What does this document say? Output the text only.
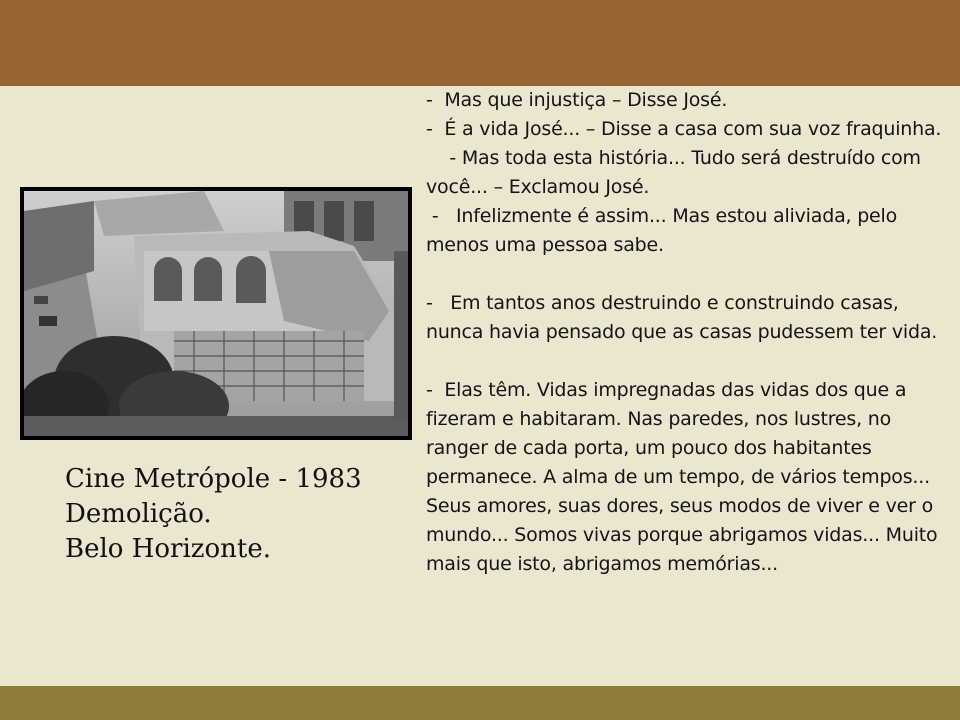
Cine Metrópole - 1983
Demolição.
Belo Horizonte.

- Mas que injustiça – Disse José.

- É a vida José... – Disse a casa com sua voz fraquinha.

- Mas toda esta história... Tudo será destruído com você... – Exclamou José.

- Infelizmente é assim... Mas estou aliviada, pelo menos uma pessoa sabe.

- Em tantos anos destruindo e construindo casas, nunca havia pensado que as casas pudessem ter vida.

- Elas têm. Vidas impregnadas das vidas dos que a fizeram e habitaram. Nas paredes, nos lustres, no ranger de cada porta, um pouco dos habitantes permanece. A alma de um tempo, de vários tempos... Seus amores, suas dores, seus modos de viver e ver o mundo... Somos vivas porque abrigamos vidas... Muito mais que isto, abrigamos memórias...
